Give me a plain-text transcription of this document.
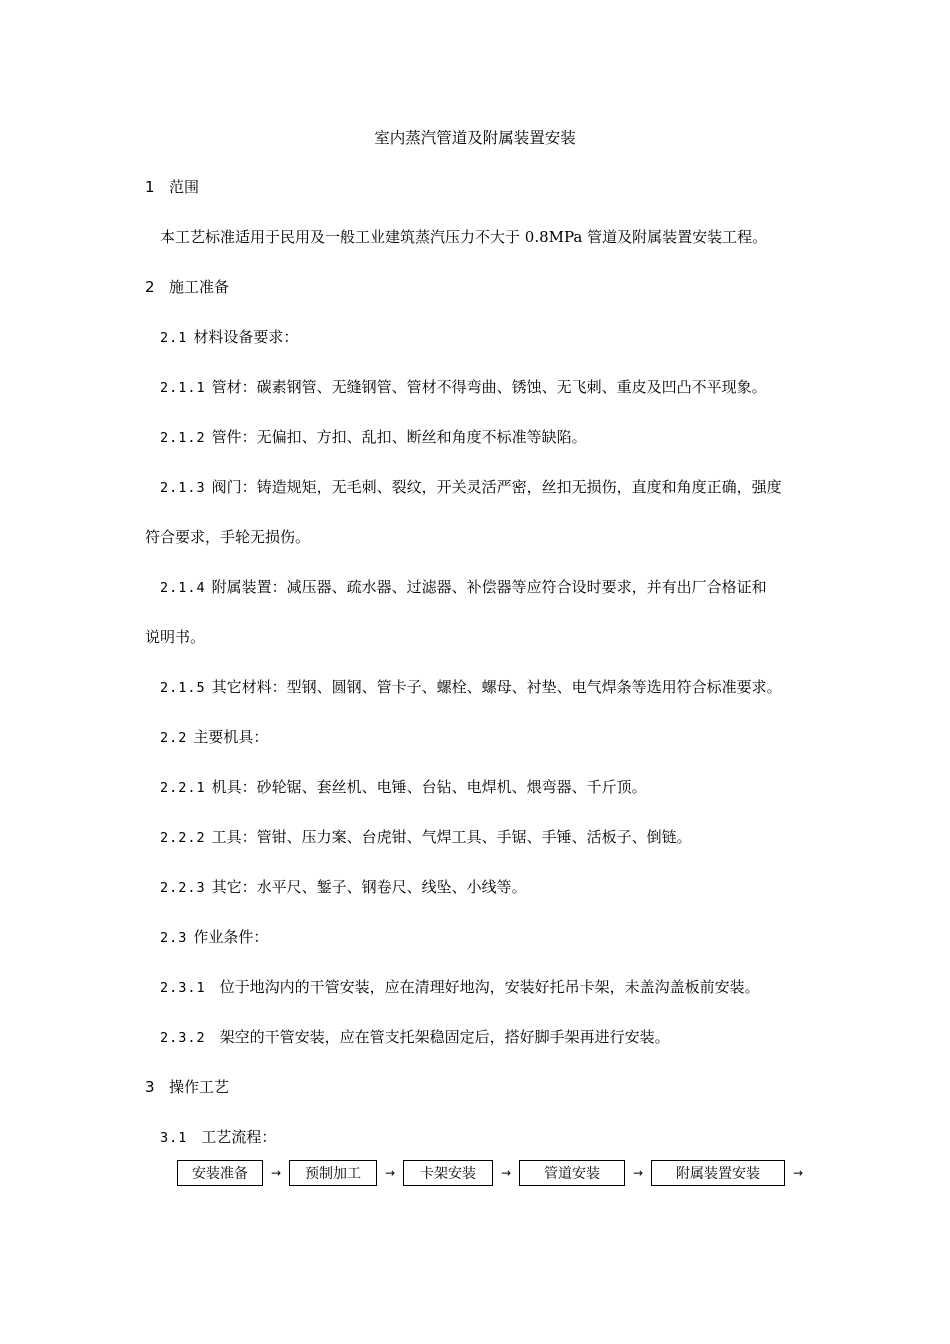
室内蒸汽管道及附属装置安装
1 范围
本工艺标准适用于民用及一般工业建筑蒸汽压力不大于 0.8MPa 管道及附属装置安装工程。
2 施工准备
2.1 材料设备要求：
2.1.1 管材：碳素钢管、无缝钢管、管材不得弯曲、锈蚀、无飞刺、重皮及凹凸不平现象。
2.1.2 管件：无偏扣、方扣、乱扣、断丝和角度不标准等缺陷。
2.1.3 阀门：铸造规矩，无毛刺、裂纹，开关灵活严密，丝扣无损伤，直度和角度正确，强度
符合要求，手轮无损伤。
2.1.4 附属装置：减压器、疏水器、过滤器、补偿器等应符合设时要求，并有出厂合格证和
说明书。
2.1.5 其它材料：型钢、圆钢、管卡子、螺栓、螺母、衬垫、电气焊条等选用符合标准要求。
2.2 主要机具：
2.2.1 机具：砂轮锯、套丝机、电锤、台钻、电焊机、煨弯器、千斤顶。
2.2.2 工具：管钳、压力案、台虎钳、气焊工具、手锯、手锤、活板子、倒链。
2.2.3 其它：水平尺、錾子、钢卷尺、线坠、小线等。
2.3 作业条件：
2.3.1 位于地沟内的干管安装，应在清理好地沟，安装好托吊卡架，未盖沟盖板前安装。
2.3.2 架空的干管安装，应在管支托架稳固定后，搭好脚手架再进行安装。
3 操作工艺
3.1 工艺流程：
安装准备	→	预制加工	→	卡架安装	→	管道安装	→	附属装置安装	→
